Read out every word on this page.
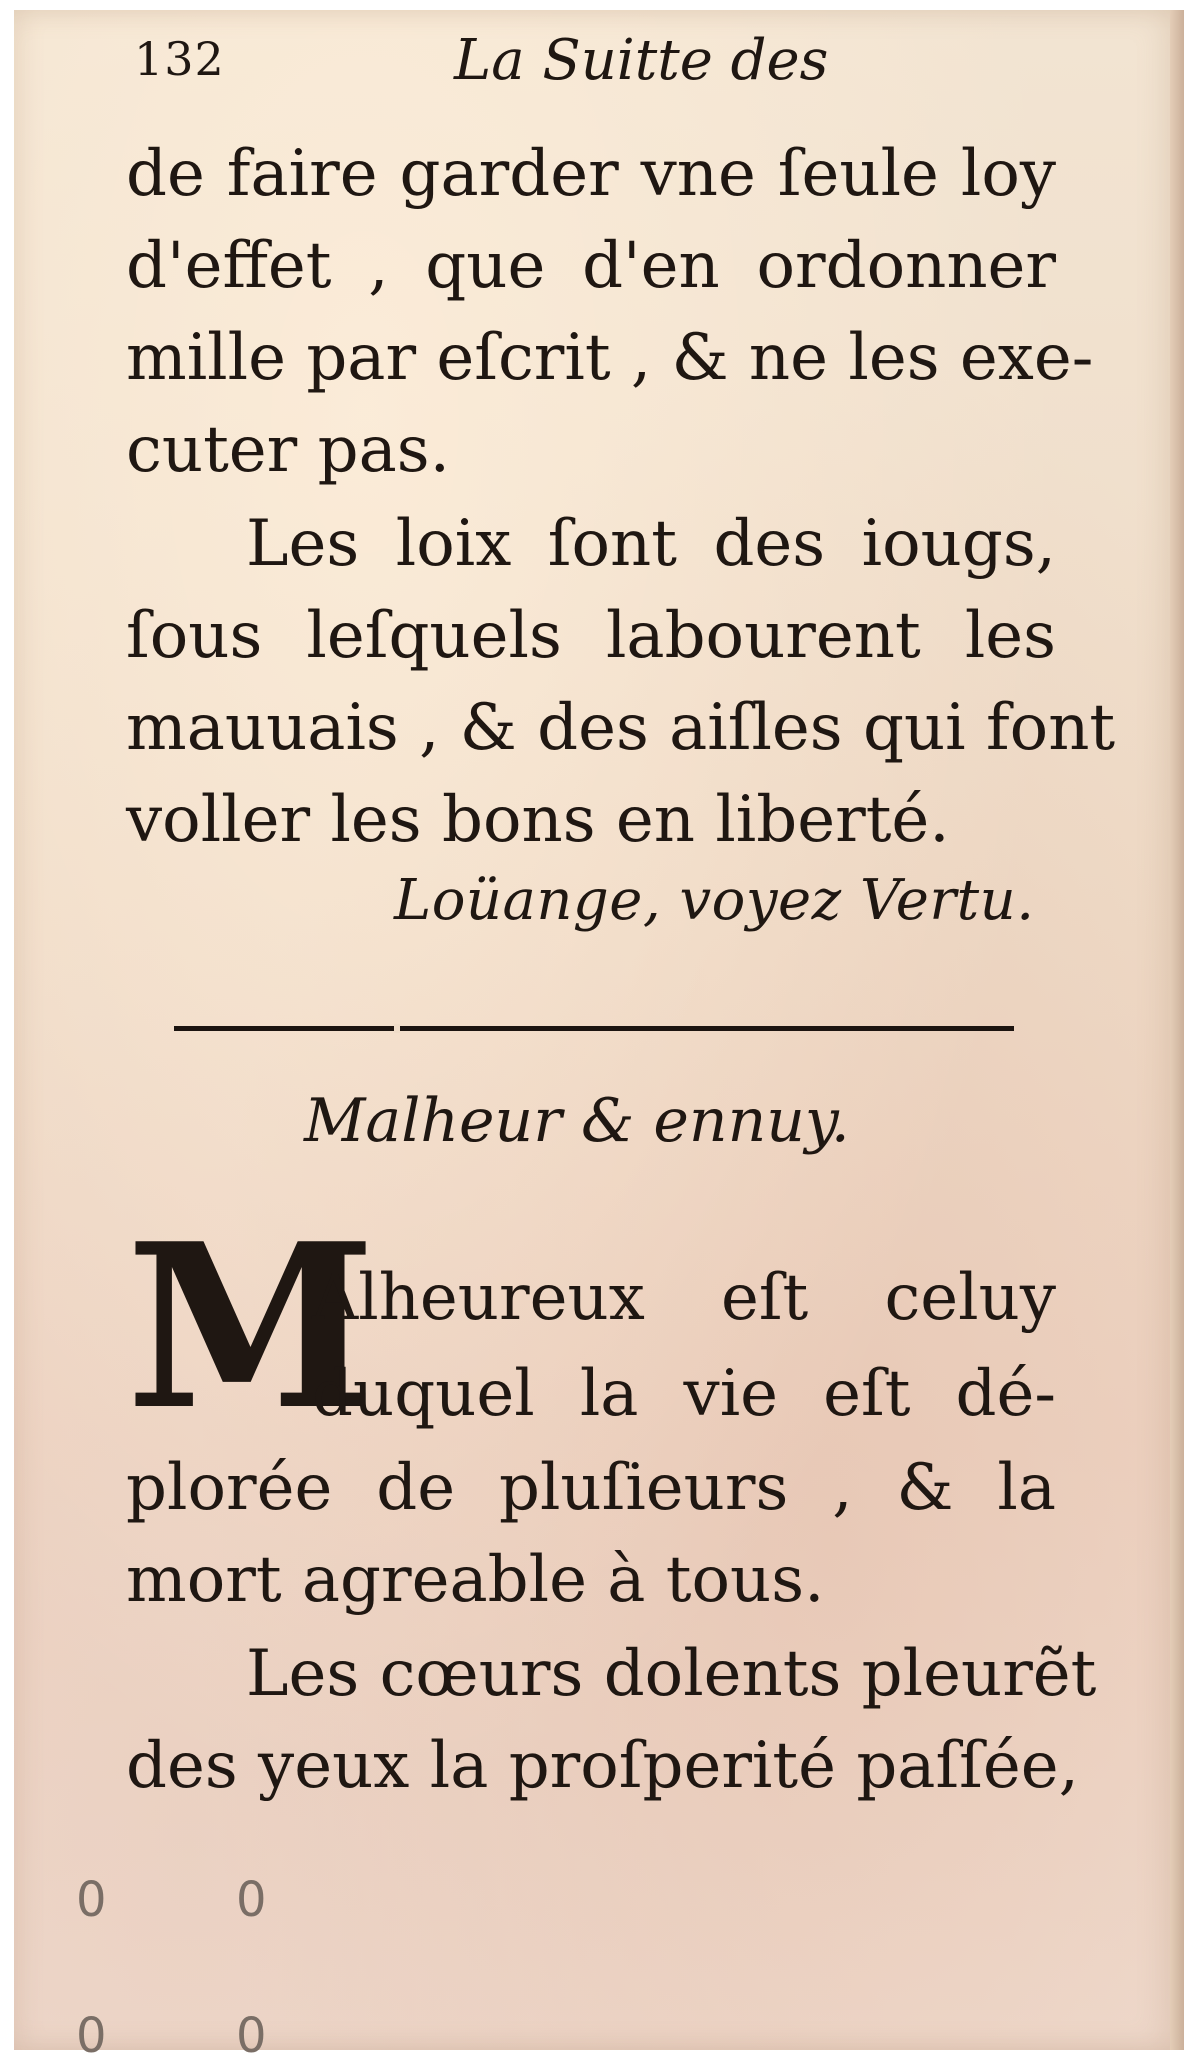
132	La Suitte des
de faire garder vne ſeule loy
d'effet , que d'en ordonner
mille par eſcrit , & ne les exe-
cuter pas.
Les loix ſont des iougs,
ſous leſquels labourent les
mauuais , & des aiſles qui font
voller les bons en liberté.
Loüange, voyez Vertu.
Malheur & ennuy.
M
Alheureux eſt celuy
duquel la vie eſt dé-
plorée de pluſieurs , & la
mort agreable à tous.
Les cœurs dolents pleurẽt
des yeux la proſperité paſſée,
0	0
0	0
